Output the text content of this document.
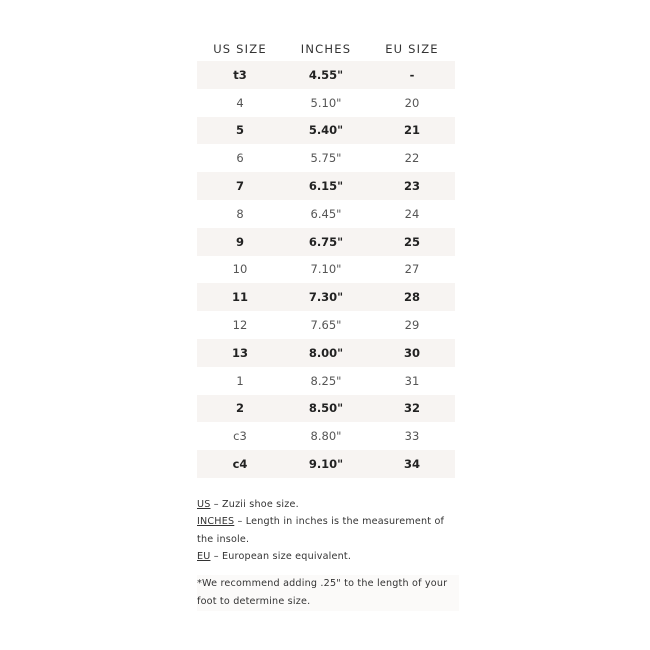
US SIZE	INCHES	EU SIZE
t3	4.55"	-
4	5.10"	20
5	5.40"	21
6	5.75"	22
7	6.15"	23
8	6.45"	24
9	6.75"	25
10	7.10"	27
11	7.30"	28
12	7.65"	29
13	8.00"	30
1	8.25"	31
2	8.50"	32
c3	8.80"	33
c4	9.10"	34

US – Zuzii shoe size.

INCHES – Length in inches is the measurement of the insole.

EU – European size equivalent.

*We recommend adding .25" to the length of your foot to determine size.
